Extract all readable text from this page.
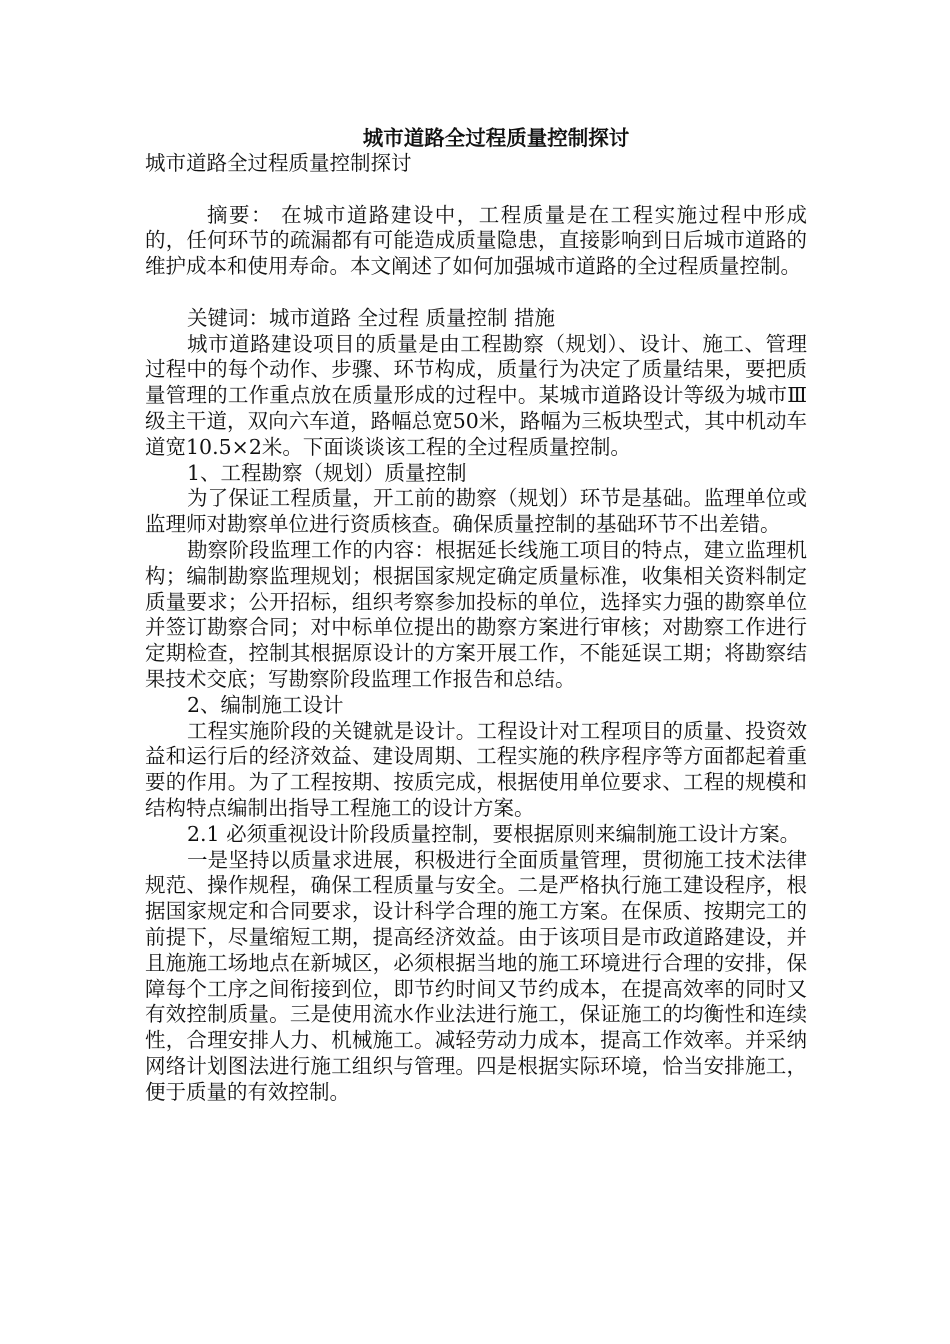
城市道路全过程质量控制探讨
城市道路全过程质量控制探讨

摘要： 在城市道路建设中，工程质量是在工程实施过程中形成的，任何环节的疏漏都有可能造成质量隐患，直接影响到日后城市道路的维护成本和使用寿命。本文阐述了如何加强城市道路的全过程质量控制。

关键词：城市道路 全过程 质量控制 措施

城市道路建设项目的质量是由工程勘察（规划）、设计、施工、管理过程中的每个动作、步骤、环节构成，质量行为决定了质量结果，要把质量管理的工作重点放在质量形成的过程中。某城市道路设计等级为城市Ⅲ级主干道，双向六车道，路幅总宽50米，路幅为三板块型式，其中机动车道宽10.5×2米。下面谈谈该工程的全过程质量控制。

1、工程勘察（规划）质量控制

为了保证工程质量，开工前的勘察（规划）环节是基础。监理单位或监理师对勘察单位进行资质核查。确保质量控制的基础环节不出差错。

勘察阶段监理工作的内容：根据延长线施工项目的特点，建立监理机构；编制勘察监理规划；根据国家规定确定质量标准，收集相关资料制定质量要求；公开招标，组织考察参加投标的单位，选择实力强的勘察单位并签订勘察合同；对中标单位提出的勘察方案进行审核；对勘察工作进行定期检查，控制其根据原设计的方案开展工作，不能延误工期；将勘察结果技术交底；写勘察阶段监理工作报告和总结。

2、编制施工设计

工程实施阶段的关键就是设计。工程设计对工程项目的质量、投资效益和运行后的经济效益、建设周期、工程实施的秩序程序等方面都起着重要的作用。为了工程按期、按质完成，根据使用单位要求、工程的规模和结构特点编制出指导工程施工的设计方案。

2.1 必须重视设计阶段质量控制，要根据原则来编制施工设计方案。

一是坚持以质量求进展，积极进行全面质量管理，贯彻施工技术法律规范、操作规程，确保工程质量与安全。二是严格执行施工建设程序，根据国家规定和合同要求，设计科学合理的施工方案。在保质、按期完工的前提下，尽量缩短工期，提高经济效益。由于该项目是市政道路建设，并且施施工场地点在新城区，必须根据当地的施工环境进行合理的安排，保障每个工序之间衔接到位，即节约时间又节约成本，在提高效率的同时又有效控制质量。三是使用流水作业法进行施工，保证施工的均衡性和连续性，合理安排人力、机械施工。减轻劳动力成本，提高工作效率。并采纳网络计划图法进行施工组织与管理。四是根据实际环境，恰当安排施工，便于质量的有效控制。
